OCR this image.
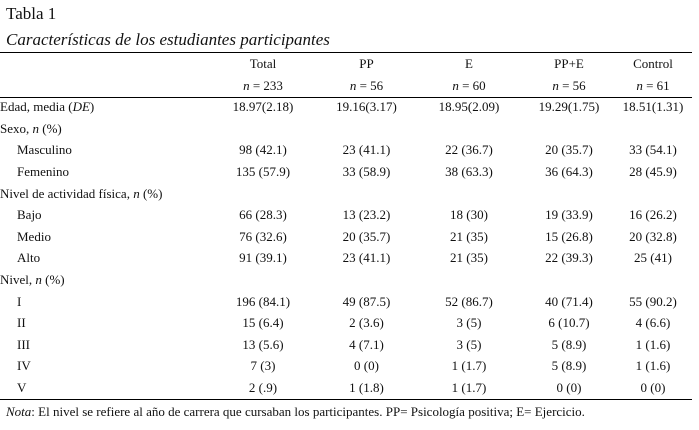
Tabla 1
Características de los estudiantes participantes
	Total	PP	E	PP+E	Control
	n = 233	n = 56	n = 60	n = 56	n = 61
Edad, media (DE)	18.97(2.18)	19.16(3.17)	18.95(2.09)	19.29(1.75)	18.51(1.31)
Sexo, n (%)					
Masculino	98 (42.1)	23 (41.1)	22 (36.7)	20 (35.7)	33 (54.1)
Femenino	135 (57.9)	33 (58.9)	38 (63.3)	36 (64.3)	28 (45.9)
Nivel de actividad física, n (%)					
Bajo	66 (28.3)	13 (23.2)	18 (30)	19 (33.9)	16 (26.2)
Medio	76 (32.6)	20 (35.7)	21 (35)	15 (26.8)	20 (32.8)
Alto	91 (39.1)	23 (41.1)	21 (35)	22 (39.3)	25 (41)
Nivel, n (%)					
I	196 (84.1)	49 (87.5)	52 (86.7)	40 (71.4)	55 (90.2)
II	15 (6.4)	2 (3.6)	3 (5)	6 (10.7)	4 (6.6)
III	13 (5.6)	4 (7.1)	3 (5)	5 (8.9)	1 (1.6)
IV	7 (3)	0 (0)	1 (1.7)	5 (8.9)	1 (1.6)
V	2 (.9)	1 (1.8)	1 (1.7)	0 (0)	0 (0)
Nota: El nivel se refiere al año de carrera que cursaban los participantes. PP= Psicología positiva; E= Ejercicio.
